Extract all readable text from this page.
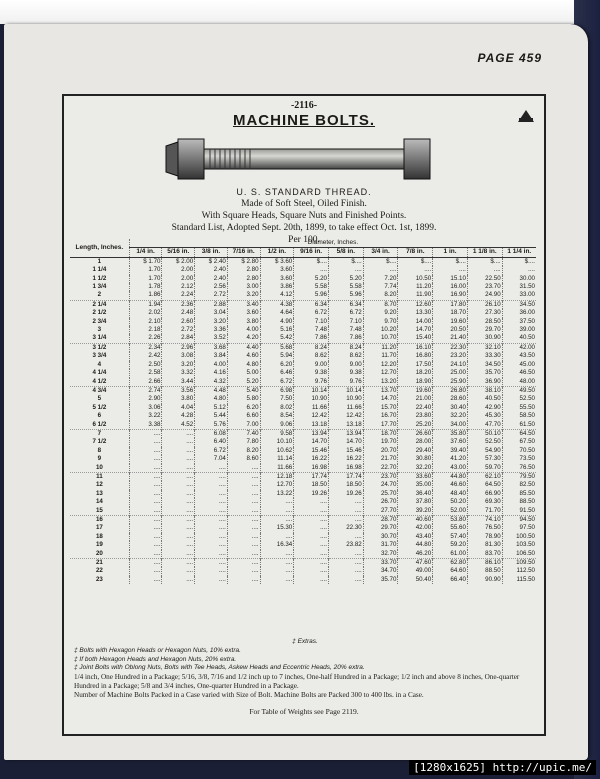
PAGE 459
-2116-
MACHINE BOLTS.
U. S. STANDARD THREAD.
Made of Soft Steel, Oiled Finish.
With Square Heads, Square Nuts and Finished Points.
Standard List, Adopted Sept. 20th, 1899, to take effect Oct. 1st, 1899.
Per 100.
Length, Inches.	Diameter, Inches.											
	1/4 in.	5/16 in.	3/8 in.	7/16 in.	1/2 in.	9/16 in.	5/8 in.	3/4 in.	7/8 in.	1 in.	1 1/8 in.	1 1/4 in.
1	$ 1.70	$ 2.00	$ 2.40	$ 2.80	$ 3.60	$....	$....	$....	$....	$....	$....	$....
1 1/4	1.70	2.00	2.40	2.80	3.60	....	....	....	....	....	....	....
1 1/2	1.70	2.00	2.40	2.80	3.60	5.20	5.20	7.20	10.50	15.10	22.50	30.00
1 3/4	1.78	2.12	2.56	3.00	3.86	5.58	5.58	7.74	11.20	16.00	23.70	31.50
2	1.86	2.24	2.72	3.20	4.12	5.96	5.96	8.20	11.90	16.90	24.90	33.00
2 1/4	1.94	2.36	2.88	3.40	4.38	6.34	6.34	8.70	12.60	17.80	26.10	34.50
2 1/2	2.02	2.48	3.04	3.60	4.64	6.72	6.72	9.20	13.30	18.70	27.30	36.00
2 3/4	2.10	2.60	3.20	3.80	4.90	7.10	7.10	9.70	14.00	19.60	28.50	37.50
3	2.18	2.72	3.36	4.00	5.16	7.48	7.48	10.20	14.70	20.50	29.70	39.00
3 1/4	2.26	2.84	3.52	4.20	5.42	7.86	7.86	10.70	15.40	21.40	30.90	40.50
3 1/2	2.34	2.96	3.68	4.40	5.68	8.24	8.24	11.20	16.10	22.30	32.10	42.00
3 3/4	2.42	3.08	3.84	4.60	5.94	8.62	8.62	11.70	16.80	23.20	33.30	43.50
4	2.50	3.20	4.00	4.80	6.20	9.00	9.00	12.20	17.50	24.10	34.50	45.00
4 1/4	2.58	3.32	4.16	5.00	6.46	9.38	9.38	12.70	18.20	25.00	35.70	46.50
4 1/2	2.66	3.44	4.32	5.20	6.72	9.76	9.76	13.20	18.90	25.90	36.90	48.00
4 3/4	2.74	3.56	4.48	5.40	6.98	10.14	10.14	13.70	19.60	26.80	38.10	49.50
5	2.90	3.80	4.80	5.80	7.50	10.90	10.90	14.70	21.00	28.60	40.50	52.50
5 1/2	3.06	4.04	5.12	6.20	8.02	11.66	11.66	15.70	22.40	30.40	42.90	55.50
6	3.22	4.28	5.44	6.60	8.54	12.42	12.42	16.70	23.80	32.20	45.30	58.50
6 1/2	3.38	4.52	5.76	7.00	9.06	13.18	13.18	17.70	25.20	34.00	47.70	61.50
7	....	....	6.08	7.40	9.58	13.94	13.94	18.70	26.60	35.80	50.10	64.50
7 1/2	....	....	6.40	7.80	10.10	14.70	14.70	19.70	28.00	37.60	52.50	67.50
8	....	....	6.72	8.20	10.62	15.46	15.46	20.70	29.40	39.40	54.90	70.50
9	....	....	7.04	8.60	11.14	16.22	16.22	21.70	30.80	41.20	57.30	73.50
10	....	....	....	....	11.66	16.98	16.98	22.70	32.20	43.00	59.70	76.50
11	....	....	....	....	12.18	17.74	17.74	23.70	33.60	44.80	62.10	79.50
12	....	....	....	....	12.70	18.50	18.50	24.70	35.00	46.60	64.50	82.50
13	....	....	....	....	13.22	19.26	19.26	25.70	36.40	48.40	66.90	85.50
14	....	....	....	....	....	....	....	26.70	37.80	50.20	69.30	88.50
15	....	....	....	....	....	....	....	27.70	39.20	52.00	71.70	91.50
16	....	....	....	....	....	....	....	28.70	40.60	53.80	74.10	94.50
17	....	....	....	....	15.30	....	22.30	29.70	42.00	55.60	76.50	97.50
18	....	....	....	....	....	....	....	30.70	43.40	57.40	78.90	100.50
19	....	....	....	....	16.34	....	23.82	31.70	44.80	59.20	81.30	103.50
20	....	....	....	....	....	....	....	32.70	46.20	61.00	83.70	106.50
21	....	....	....	....	....	....	....	33.70	47.60	62.80	86.10	109.50
22	....	....	....	....	....	....	....	34.70	49.00	64.60	88.50	112.50
23	....	....	....	....	....	....	....	35.70	50.40	66.40	90.90	115.50
‡ Extras.
‡ Bolts with Hexagon Heads or Hexagon Nuts, 10% extra.
‡ If both Hexagon Heads and Hexagon Nuts, 20% extra.
‡ Joint Bolts with Oblong Nuts, Bolts with Tee Heads, Askew Heads and Eccentric Heads, 20% extra.
1/4 inch, One Hundred in a Package; 5/16, 3/8, 7/16 and 1/2 inch up to 7 inches, One-half Hundred in a Package; 1/2 inch and above 8 inches, One-quarter Hundred in a Package; 5/8 and 3/4 inches, One-quarter Hundred in a Package.
Number of Machine Bolts Packed in a Case varied with Size of Bolt. Machine Bolts are Packed 300 to 400 lbs. in a Case.
For Table of Weights see Page 2119.
[1280x1625] http://upic.me/
